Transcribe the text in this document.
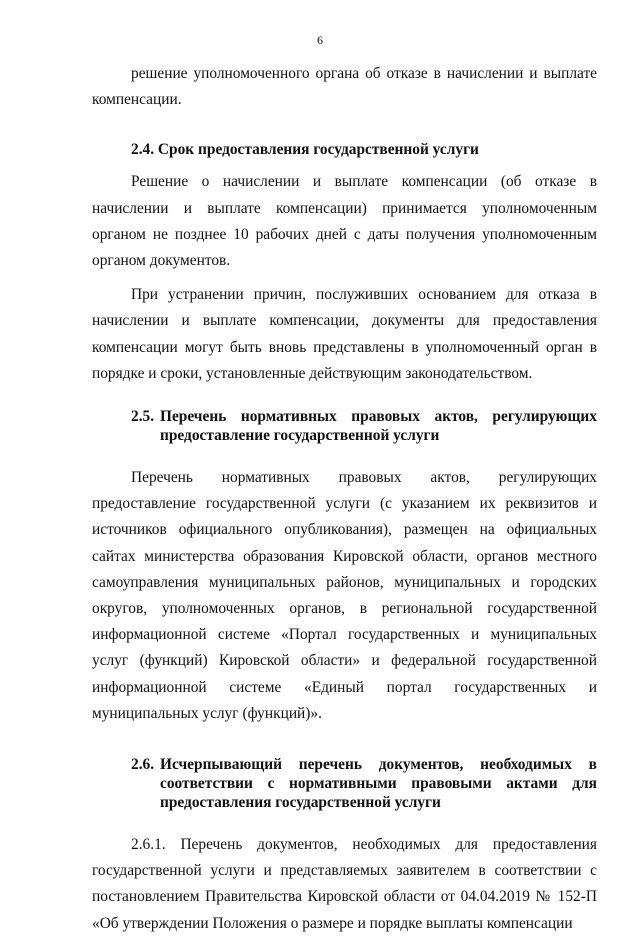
6

решение уполномоченного органа об отказе в начислении и выплате компенсации.

2.4. Срок предоставления государственной услуги

Решение о начислении и выплате компенсации (об отказе в начислении и выплате компенсации) принимается уполномоченным органом не позднее 10 рабочих дней с даты получения уполномоченным органом документов.

При устранении причин, послуживших основанием для отказа в начислении и выплате компенсации, документы для предоставления компенсации могут быть вновь представлены в уполномоченный орган в порядке и сроки, установленные действующим законодательством.

2.5. Перечень нормативных правовых актов, регулирующих предоставление государственной услуги

Перечень нормативных правовых актов, регулирующих предоставление государственной услуги (с указанием их реквизитов и источников официального опубликования), размещен на официальных сайтах министерства образования Кировской области, органов местного самоуправления муниципальных районов, муниципальных и городских округов, уполномоченных органов, в региональной государственной информационной системе «Портал государственных и муниципальных услуг (функций) Кировской области» и федеральной государственной информационной системе «Единый портал государственных и муниципальных услуг (функций)».

2.6. Исчерпывающий перечень документов, необходимых в соответствии с нормативными правовыми актами для предоставления государственной услуги

2.6.1. Перечень документов, необходимых для предоставления государственной услуги и представляемых заявителем в соответствии с постановлением Правительства Кировской области от 04.04.2019 № 152-П «Об утверждении Положения о размере и порядке выплаты компенсации
